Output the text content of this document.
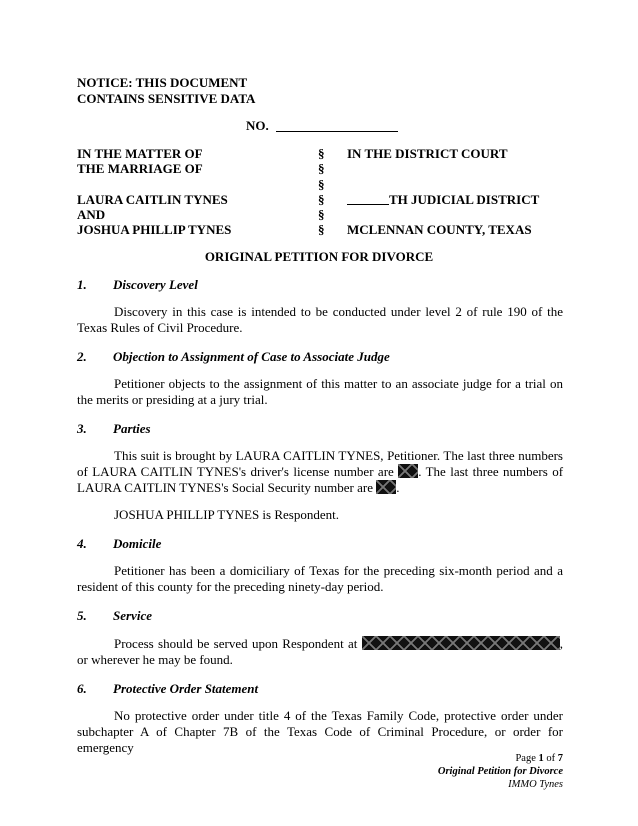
NOTICE: THIS DOCUMENT
CONTAINS SENSITIVE DATA
NO.
IN THE MATTER OF
THE MARRIAGE OF
LAURA CAITLIN TYNES
AND
JOSHUA PHILLIP TYNES
§
§
§
§
§
§
IN THE DISTRICT COURT
TH JUDICIAL DISTRICT
MCLENNAN COUNTY, TEXAS
ORIGINAL PETITION FOR DIVORCE
1. Discovery Level
Discovery in this case is intended to be conducted under level 2 of rule 190 of the Texas Rules of Civil Procedure.
2. Objection to Assignment of Case to Associate Judge
Petitioner objects to the assignment of this matter to an associate judge for a trial on the merits or presiding at a jury trial.
3. Parties
This suit is brought by LAURA CAITLIN TYNES, Petitioner. The last three numbers of LAURA CAITLIN TYNES's driver's license number are . The last three numbers of LAURA CAITLIN TYNES's Social Security number are .
JOSHUA PHILLIP TYNES is Respondent.
4. Domicile
Petitioner has been a domiciliary of Texas for the preceding six-month period and a resident of this county for the preceding ninety-day period.
5. Service
Process should be served upon Respondent at	, or wherever he may be found.
6. Protective Order Statement
No protective order under title 4 of the Texas Family Code, protective order under subchapter A of Chapter 7B of the Texas Code of Criminal Procedure, or order for emergency
Page 1 of 7
Original Petition for Divorce
IMMO Tynes
